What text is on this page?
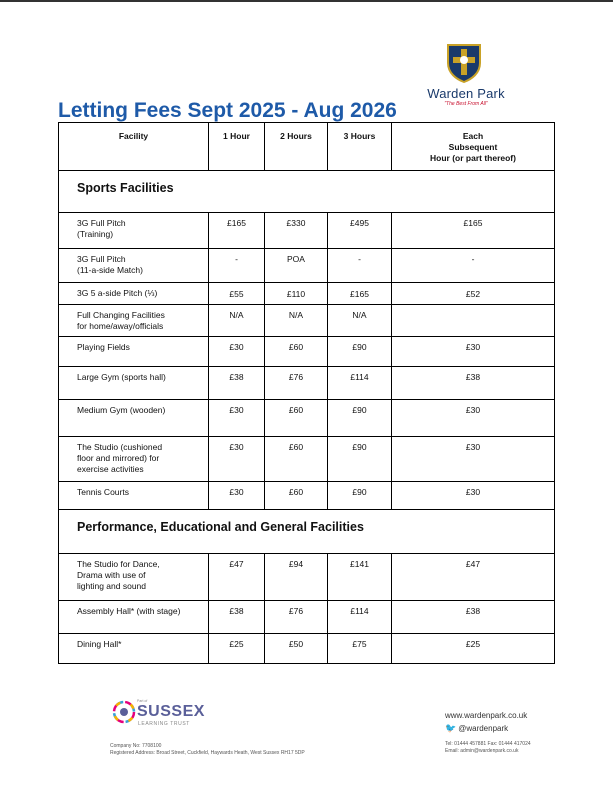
Warden Park
"The Best From All"
Letting Fees Sept 2025 - Aug 2026
Facility	1 Hour	2 Hours	3 Hours	Each
Subsequent
Hour (or part thereof)

Sports Facilities				

3G Full Pitch
(Training)	£165	£330	£495	£165

3G Full Pitch
(11-a-side Match)	-	POA	-	-

3G 5 a-side Pitch (⅓)	£55	£110	£165	£52

Full Changing Facilities
for home/away/officials	N/A	N/A	N/A	

Playing Fields	£30	£60	£90	£30

Large Gym (sports hall)	£38	£76	£114	£38

Medium Gym (wooden)	£30	£60	£90	£30

The Studio (cushioned
floor and mirrored) for
exercise activities	£30	£60	£90	£30

Tennis Courts	£30	£60	£90	£30
Performance, Educational and General Facilities				

The Studio for Dance,
Drama with use of
lighting and sound	£47	£94	£141	£47

Assembly Hall* (with stage)	£38	£76	£114	£38

Dining Hall*	£25	£50	£75	£25
Part of
SUSSEX
LEARNING TRUST
Company No: 7708100
Registered Address: Broad Street, Cuckfield, Haywards Heath, West Sussex RH17 5DP
www.wardenpark.co.uk
🐦 @wardenpark
Tel: 01444 457881 Fax: 01444 417024
Email: admin@wardenpark.co.uk
